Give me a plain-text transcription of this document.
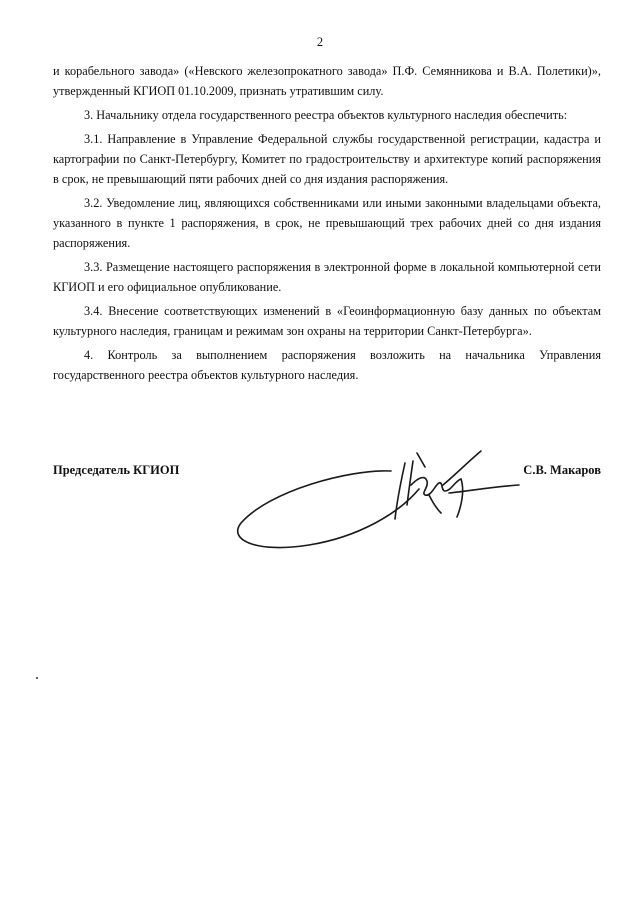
2

и корабельного завода» («Невского железопрокатного завода» П.Ф. Семянникова и В.А. Полетики)», утвержденный КГИОП 01.10.2009, признать утратившим силу.

3. Начальнику отдела государственного реестра объектов культурного наследия обеспечить:

3.1. Направление в Управление Федеральной службы государственной регистрации, кадастра и картографии по Санкт-Петербургу, Комитет по градостроительству и архитектуре копий распоряжения в срок, не превышающий пяти рабочих дней со дня издания распоряжения.

3.2. Уведомление лиц, являющихся собственниками или иными законными владельцами объекта, указанного в пункте 1 распоряжения, в срок, не превышающий трех рабочих дней со дня издания распоряжения.

3.3. Размещение настоящего распоряжения в электронной форме в локальной компьютерной сети КГИОП и его официальное опубликование.

3.4. Внесение соответствующих изменений в «Геоинформационную базу данных по объектам культурного наследия, границам и режимам зон охраны на территории Санкт-Петербурга».

4. Контроль за выполнением распоряжения возложить на начальника Управления государственного реестра объектов культурного наследия.

Председатель КГИОП	С.В. Макаров
